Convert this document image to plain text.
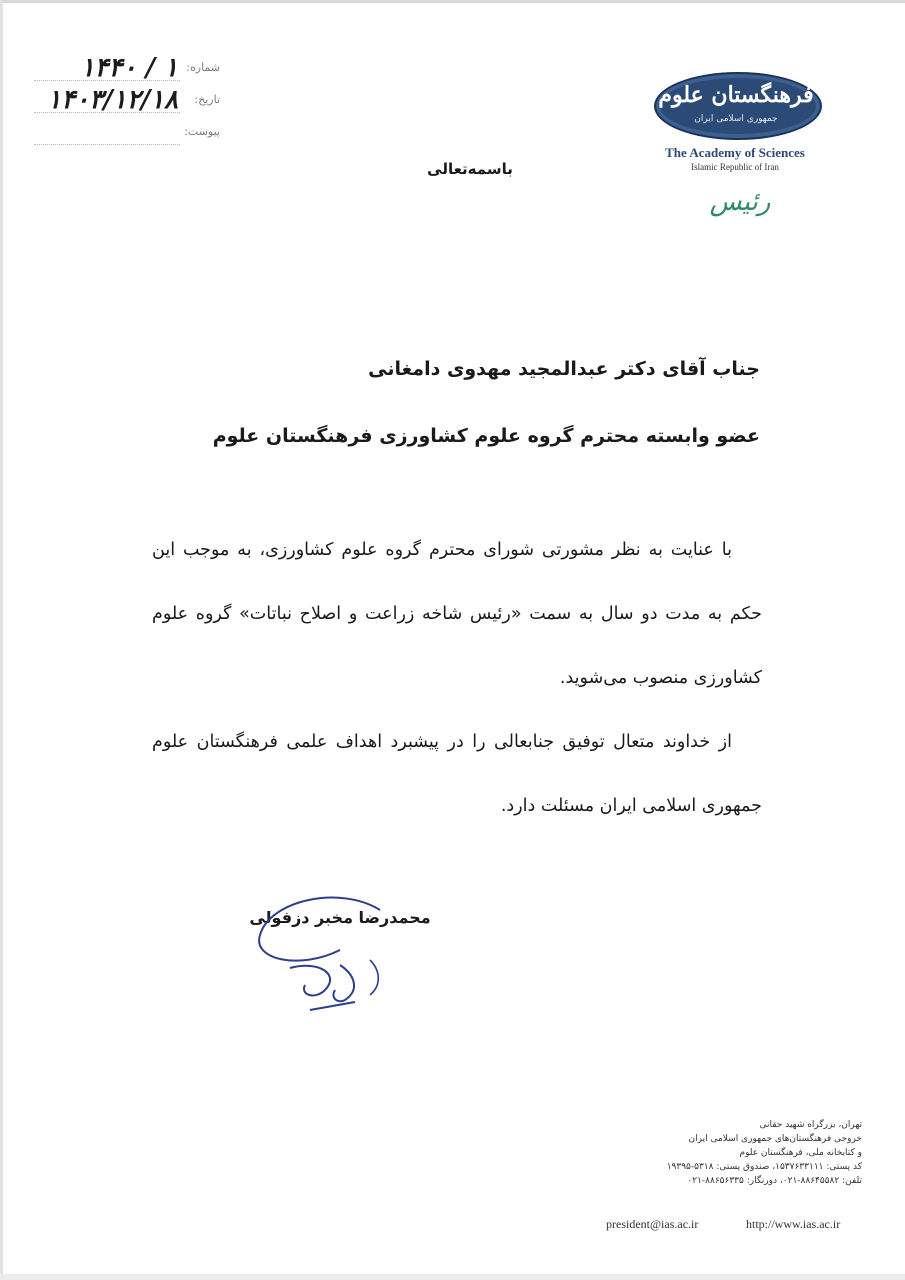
شماره:
۱۴۴۰ / ۱
تاریخ:
۱۴۰۳/۱۲/۱۸
پیوست:
فرهنگستان علوم
جمهوری اسلامی ایران
The Academy of Sciences
Islamic Republic of Iran
رئیس
باسمه‌تعالی
جناب آقای دکتر عبدالمجید مهدوی دامغانی
عضو وابسته محترم گروه علوم کشاورزی فرهنگستان علوم

با عنایت به نظر مشورتی شورای محترم گروه علوم کشاورزی، به موجب این حکم به مدت دو سال به سمت «رئیس شاخه زراعت و اصلاح نباتات» گروه علوم کشاورزی منصوب می‌شوید.

از خداوند متعال توفیق جنابعالی را در پیشبرد اهداف علمی فرهنگستان علوم جمهوری اسلامی ایران مسئلت دارد.

محمدرضا مخبر دزفولی
تهران، بزرگراه شهید حقانی
خروجی فرهنگستان‌های جمهوری اسلامی ایران
و کتابخانه ملی، فرهنگستان علوم
کد پستی: ۱۵۳۷۶۳۳۱۱۱، صندوق پستی: ۵۳۱۸-۱۹۳۹۵
تلفن: ۸۸۶۴۵۵۸۲-۰۲۱، دورنگار: ۸۸۶۵۶۳۳۵-۰۲۱
president@ias.ac.ir	http://www.ias.ac.ir
